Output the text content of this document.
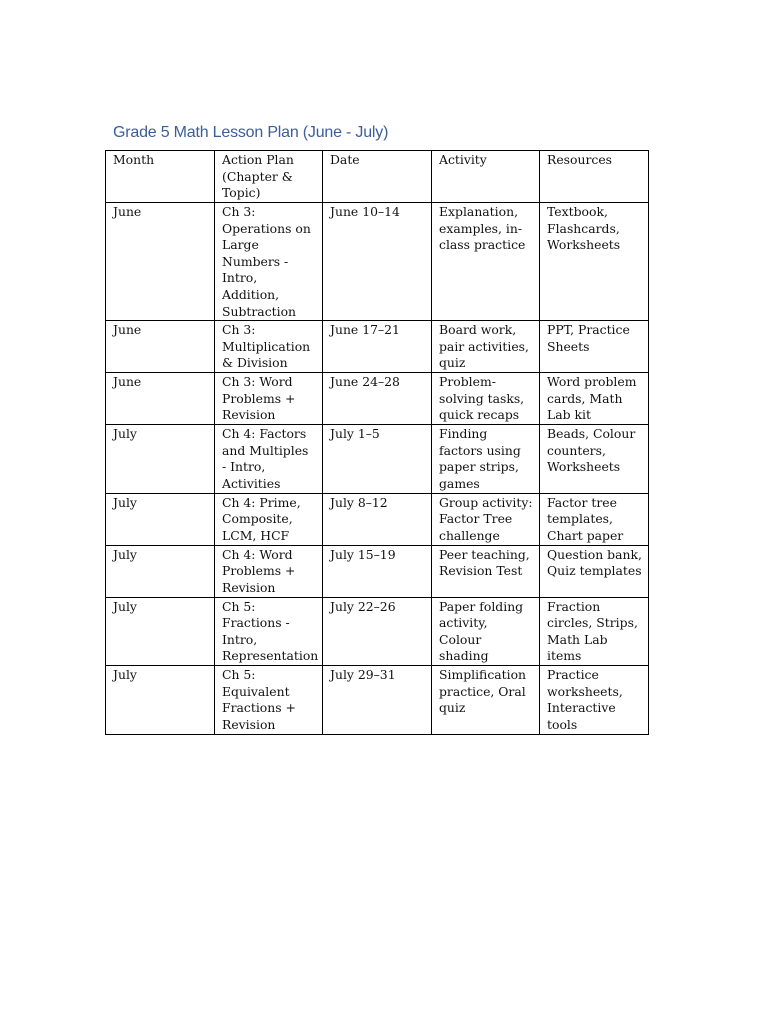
Grade 5 Math Lesson Plan (June - July)
Month	Action Plan (Chapter & Topic)	Date	Activity	Resources
June	Ch 3: Operations on Large Numbers - Intro, Addition, Subtraction	June 10–14	Explanation, examples, in-class practice	Textbook, Flashcards, Worksheets
June	Ch 3: Multiplication & Division	June 17–21	Board work, pair activities, quiz	PPT, Practice Sheets
June	Ch 3: Word Problems + Revision	June 24–28	Problem-solving tasks, quick recaps	Word problem cards, Math Lab kit
July	Ch 4: Factors and Multiples - Intro, Activities	July 1–5	Finding factors using paper strips, games	Beads, Colour counters, Worksheets
July	Ch 4: Prime, Composite, LCM, HCF	July 8–12	Group activity: Factor Tree challenge	Factor tree templates, Chart paper
July	Ch 4: Word Problems + Revision	July 15–19	Peer teaching, Revision Test	Question bank, Quiz templates
July	Ch 5: Fractions - Intro, Representation	July 22–26	Paper folding activity, Colour shading	Fraction circles, Strips, Math Lab items
July	Ch 5: Equivalent Fractions + Revision	July 29–31	Simplification practice, Oral quiz	Practice worksheets, Interactive tools
